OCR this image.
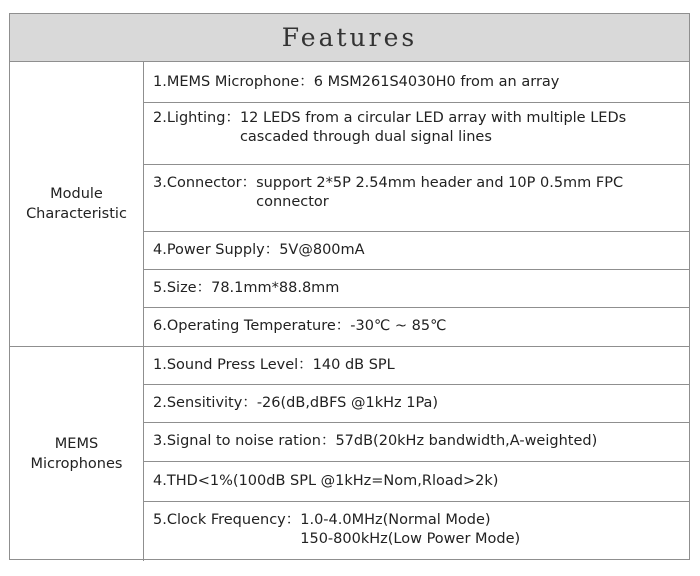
Features
Module
Characteristic
1.MEMS Microphone： 6 MSM261S4030H0 from an array
2.Lighting： 12 LEDS from a circular LED array with multiple LEDs
cascaded through dual signal lines
3.Connector： support 2*5P 2.54mm header and 10P 0.5mm FPC
connector
4.Power Supply： 5V@800mA
5.Size： 78.1mm*88.8mm
6.Operating Temperature： -30℃ ~ 85℃
MEMS
Microphones
1.Sound Press Level： 140 dB SPL
2.Sensitivity： -26(dB,dBFS @1kHz 1Pa)
3.Signal to noise ration： 57dB(20kHz bandwidth,A-weighted)
4.THD<1%(100dB SPL @1kHz=Nom,Rload>2k)
5.Clock Frequency： 1.0-4.0MHz(Normal Mode)
150-800kHz(Low Power Mode)
